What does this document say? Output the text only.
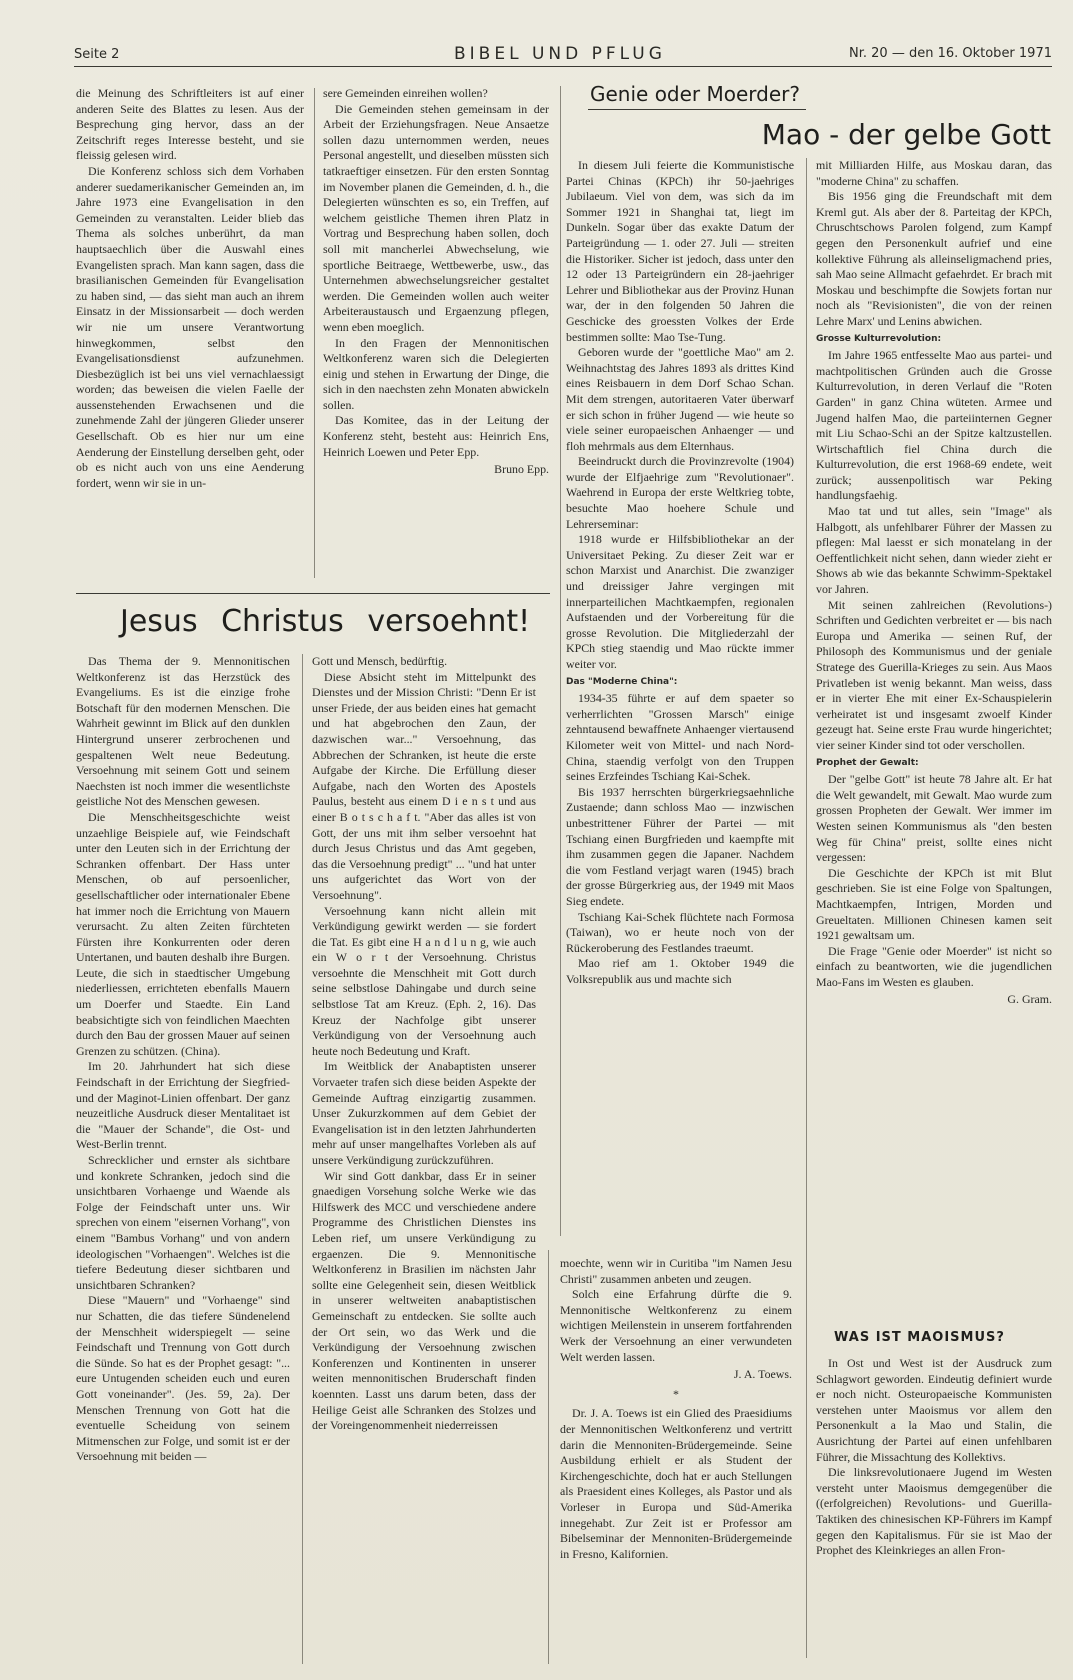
Seite 2	BIBEL UND PFLUG	Nr. 20 — den 16. Oktober 1971

die Meinung des Schriftleiters ist auf einer anderen Seite des Blattes zu lesen. Aus der Besprechung ging hervor, dass an der Zeitschrift reges Interesse besteht, und sie fleissig gelesen wird.

Die Konferenz schloss sich dem Vorhaben anderer suedamerikanischer Gemeinden an, im Jahre 1973 eine Evangelisation in den Gemeinden zu veranstalten. Leider blieb das Thema als solches unberührt, da man hauptsaechlich über die Auswahl eines Evangelisten sprach. Man kann sagen, dass die brasilianischen Gemeinden für Evangelisation zu haben sind, — das sieht man auch an ihrem Einsatz in der Missionsarbeit — doch werden wir nie um unsere Verantwortung hinwegkommen, selbst den Evangelisationsdienst aufzunehmen. Diesbezüglich ist bei uns viel vernachlaessigt worden; das beweisen die vielen Faelle der aussenstehenden Erwachsenen und die zunehmende Zahl der jüngeren Glieder unserer Gesellschaft. Ob es hier nur um eine Aenderung der Einstellung derselben geht, oder ob es nicht auch von uns eine Aenderung fordert, wenn wir sie in un-

sere Gemeinden einreihen wollen?

Die Gemeinden stehen gemeinsam in der Arbeit der Erziehungsfragen. Neue Ansaetze sollen dazu unternommen werden, neues Personal angestellt, und dieselben müssten sich tatkraeftiger einsetzen. Für den ersten Sonntag im November planen die Gemeinden, d. h., die Delegierten wünschten es so, ein Treffen, auf welchem geistliche Themen ihren Platz in Vortrag und Besprechung haben sollen, doch soll mit mancherlei Abwechselung, wie sportliche Beitraege, Wettbewerbe, usw., das Unternehmen abwechselungsreicher gestaltet werden. Die Gemeinden wollen auch weiter Arbeiteraustausch und Ergaenzung pflegen, wenn eben moeglich.

In den Fragen der Mennonitischen Weltkonferenz waren sich die Delegierten einig und stehen in Erwartung der Dinge, die sich in den naechsten zehn Monaten abwickeln sollen.

Das Komitee, das in der Leitung der Konferenz steht, besteht aus: Heinrich Ens, Heinrich Loewen und Peter Epp.

Bruno Epp.

Jesus Christus versoehnt!

Das Thema der 9. Mennonitischen Weltkonferenz ist das Herzstück des Evangeliums. Es ist die einzige frohe Botschaft für den modernen Menschen. Die Wahrheit gewinnt im Blick auf den dunklen Hintergrund unserer zerbrochenen und gespaltenen Welt neue Bedeutung. Versoehnung mit seinem Gott und seinem Naechsten ist noch immer die wesentlichste geistliche Not des Menschen gewesen.

Die Menschheitsgeschichte weist unzaehlige Beispiele auf, wie Feindschaft unter den Leuten sich in der Errichtung der Schranken offenbart. Der Hass unter Menschen, ob auf persoenlicher, gesellschaftlicher oder internationaler Ebene hat immer noch die Errichtung von Mauern verursacht. Zu alten Zeiten fürchteten Fürsten ihre Konkurrenten oder deren Untertanen, und bauten deshalb ihre Burgen. Leute, die sich in staedtischer Umgebung niederliessen, errichteten ebenfalls Mauern um Doerfer und Staedte. Ein Land beabsichtigte sich von feindlichen Maechten durch den Bau der grossen Mauer auf seinen Grenzen zu schützen. (China).

Im 20. Jahrhundert hat sich diese Feindschaft in der Errichtung der Siegfried- und der Maginot-Linien offenbart. Der ganz neuzeitliche Ausdruck dieser Mentalitaet ist die "Mauer der Schande", die Ost- und West-Berlin trennt.

Schrecklicher und ernster als sichtbare und konkrete Schranken, jedoch sind die unsichtbaren Vorhaenge und Waende als Folge der Feindschaft unter uns. Wir sprechen von einem "eisernen Vorhang", von einem "Bambus Vorhang" und von andern ideologischen "Vorhaengen". Welches ist die tiefere Bedeutung dieser sichtbaren und unsichtbaren Schranken?

Diese "Mauern" und "Vorhaenge" sind nur Schatten, die das tiefere Sündenelend der Menschheit widerspiegelt — seine Feindschaft und Trennung von Gott durch die Sünde. So hat es der Prophet gesagt: "... eure Untugenden scheiden euch und euren Gott voneinander". (Jes. 59, 2a). Der Menschen Trennung von Gott hat die eventuelle Scheidung von seinem Mitmenschen zur Folge, und somit ist er der Versoehnung mit beiden —

Gott und Mensch, bedürftig.

Diese Absicht steht im Mittelpunkt des Dienstes und der Mission Christi: "Denn Er ist unser Friede, der aus beiden eines hat gemacht und hat abgebrochen den Zaun, der dazwischen war..." Versoehnung, das Abbrechen der Schranken, ist heute die erste Aufgabe der Kirche. Die Erfüllung dieser Aufgabe, nach den Worten des Apostels Paulus, besteht aus einem D i e n s t und aus einer B o t s c h a f t. "Aber das alles ist von Gott, der uns mit ihm selber versoehnt hat durch Jesus Christus und das Amt gegeben, das die Versoehnung predigt" ... "und hat unter uns aufgerichtet das Wort von der Versoehnung".

Versoehnung kann nicht allein mit Verkündigung gewirkt werden — sie fordert die Tat. Es gibt eine H a n d l u n g, wie auch ein W o r t der Versoehnung. Christus versoehnte die Menschheit mit Gott durch seine selbstlose Dahingabe und durch seine selbstlose Tat am Kreuz. (Eph. 2, 16). Das Kreuz der Nachfolge gibt unserer Verkündigung von der Versoehnung auch heute noch Bedeutung und Kraft.

Im Weitblick der Anabaptisten unserer Vorvaeter trafen sich diese beiden Aspekte der Gemeinde Auftrag einzigartig zusammen. Unser Zukurzkommen auf dem Gebiet der Evangelisation ist in den letzten Jahrhunderten mehr auf unser mangelhaftes Vorleben als auf unsere Verkündigung zurückzuführen.

Wir sind Gott dankbar, dass Er in seiner gnaedigen Vorsehung solche Werke wie das Hilfswerk des MCC und verschiedene andere Programme des Christlichen Dienstes ins Leben rief, um unsere Verkündigung zu ergaenzen. Die 9. Mennonitische Weltkonferenz in Brasilien im nächsten Jahr sollte eine Gelegenheit sein, diesen Weitblick in unserer weltweiten anabaptistischen Gemeinschaft zu entdecken. Sie sollte auch der Ort sein, wo das Werk und die Verkündigung der Versoehnung zwischen Konferenzen und Kontinenten in unserer weiten mennonitischen Bruderschaft finden koennten. Lasst uns darum beten, dass der Heilige Geist alle Schranken des Stolzes und der Voreingenommenheit niederreissen

moechte, wenn wir in Curitiba "im Namen Jesu Christi" zusammen anbeten und zeugen.

Solch eine Erfahrung dürfte die 9. Mennonitische Weltkonferenz zu einem wichtigen Meilenstein in unserem fortfahrenden Werk der Versoehnung an einer verwundeten Welt werden lassen.

J. A. Toews.

*

Dr. J. A. Toews ist ein Glied des Praesidiums der Mennonitischen Weltkonferenz und vertritt darin die Mennoniten-Brüdergemeinde. Seine Ausbildung erhielt er als Student der Kirchengeschichte, doch hat er auch Stellungen als Praesident eines Kolleges, als Pastor und als Vorleser in Europa und Süd-Amerika innegehabt. Zur Zeit ist er Professor am Bibelseminar der Mennoniten-Brüdergemeinde in Fresno, Kalifornien.

Genie oder Moerder?
Mao - der gelbe Gott

In diesem Juli feierte die Kommunistische Partei Chinas (KPCh) ihr 50-jaehriges Jubilaeum. Viel von dem, was sich da im Sommer 1921 in Shanghai tat, liegt im Dunkeln. Sogar über das exakte Datum der Parteigründung — 1. oder 27. Juli — streiten die Historiker. Sicher ist jedoch, dass unter den 12 oder 13 Parteigründern ein 28-jaehriger Lehrer und Bibliothekar aus der Provinz Hunan war, der in den folgenden 50 Jahren die Geschicke des groessten Volkes der Erde bestimmen sollte: Mao Tse-Tung.

Geboren wurde der "goettliche Mao" am 2. Weihnachtstag des Jahres 1893 als drittes Kind eines Reisbauern in dem Dorf Schao Schan. Mit dem strengen, autoritaeren Vater überwarf er sich schon in früher Jugend — wie heute so viele seiner europaeischen Anhaenger — und floh mehrmals aus dem Elternhaus.

Beeindruckt durch die Provinzrevolte (1904) wurde der Elfjaehrige zum "Revolutionaer". Waehrend in Europa der erste Weltkrieg tobte, besuchte Mao hoehere Schule und Lehrerseminar:

1918 wurde er Hilfsbibliothekar an der Universitaet Peking. Zu dieser Zeit war er schon Marxist und Anarchist. Die zwanziger und dreissiger Jahre vergingen mit innerparteilichen Machtkaempfen, regionalen Aufstaenden und der Vorbereitung für die grosse Revolution. Die Mitgliederzahl der KPCh stieg staendig und Mao rückte immer weiter vor.

Das "Moderne China":

1934-35 führte er auf dem spaeter so verherrlichten "Grossen Marsch" einige zehntausend bewaffnete Anhaenger viertausend Kilometer weit von Mittel- und nach Nord-China, staendig verfolgt von den Truppen seines Erzfeindes Tschiang Kai-Schek.

Bis 1937 herrschten bürgerkriegsaehnliche Zustaende; dann schloss Mao — inzwischen unbestrittener Führer der Partei — mit Tschiang einen Burgfrieden und kaempfte mit ihm zusammen gegen die Japaner. Nachdem die vom Festland verjagt waren (1945) brach der grosse Bürgerkrieg aus, der 1949 mit Maos Sieg endete.

Tschiang Kai-Schek flüchtete nach Formosa (Taiwan), wo er heute noch von der Rückeroberung des Festlandes traeumt.

Mao rief am 1. Oktober 1949 die Volksrepublik aus und machte sich

mit Milliarden Hilfe, aus Moskau daran, das "moderne China" zu schaffen.

Bis 1956 ging die Freundschaft mit dem Kreml gut. Als aber der 8. Parteitag der KPCh, Chruschtschows Parolen folgend, zum Kampf gegen den Personenkult aufrief und eine kollektive Führung als alleinseligmachend pries, sah Mao seine Allmacht gefaehrdet. Er brach mit Moskau und beschimpfte die Sowjets fortan nur noch als "Revisionisten", die von der reinen Lehre Marx' und Lenins abwichen.

Grosse Kulturrevolution:

Im Jahre 1965 entfesselte Mao aus partei- und machtpolitischen Gründen auch die Grosse Kulturrevolution, in deren Verlauf die "Roten Garden" in ganz China wüteten. Armee und Jugend halfen Mao, die parteiinternen Gegner mit Liu Schao-Schi an der Spitze kaltzustellen. Wirtschaftlich fiel China durch die Kulturrevolution, die erst 1968-69 endete, weit zurück; aussenpolitisch war Peking handlungsfaehig.

Mao tat und tut alles, sein "Image" als Halbgott, als unfehlbarer Führer der Massen zu pflegen: Mal laesst er sich monatelang in der Oeffentlichkeit nicht sehen, dann wieder zieht er Shows ab wie das bekannte Schwimm-Spektakel vor Jahren.

Mit seinen zahlreichen (Revolutions-) Schriften und Gedichten verbreitet er — bis nach Europa und Amerika — seinen Ruf, der Philosoph des Kommunismus und der geniale Stratege des Guerilla-Krieges zu sein. Aus Maos Privatleben ist wenig bekannt. Man weiss, dass er in vierter Ehe mit einer Ex-Schauspielerin verheiratet ist und insgesamt zwoelf Kinder gezeugt hat. Seine erste Frau wurde hingerichtet; vier seiner Kinder sind tot oder verschollen.

Prophet der Gewalt:

Der "gelbe Gott" ist heute 78 Jahre alt. Er hat die Welt gewandelt, mit Gewalt. Mao wurde zum grossen Propheten der Gewalt. Wer immer im Westen seinen Kommunismus als "den besten Weg für China" preist, sollte eines nicht vergessen:

Die Geschichte der KPCh ist mit Blut geschrieben. Sie ist eine Folge von Spaltungen, Machtkaempfen, Intrigen, Morden und Greueltaten. Millionen Chinesen kamen seit 1921 gewaltsam um.

Die Frage "Genie oder Moerder" ist nicht so einfach zu beantworten, wie die jugendlichen Mao-Fans im Westen es glauben.

G. Gram.

WAS IST MAOISMUS?

In Ost und West ist der Ausdruck zum Schlagwort geworden. Eindeutig definiert wurde er noch nicht. Osteuropaeische Kommunisten verstehen unter Maoismus vor allem den Personenkult a la Mao und Stalin, die Ausrichtung der Partei auf einen unfehlbaren Führer, die Missachtung des Kollektivs.

Die linksrevolutionaere Jugend im Westen versteht unter Maoismus demgegenüber die ((erfolgreichen) Revolutions- und Guerilla-Taktiken des chinesischen KP-Führers im Kampf gegen den Kapitalismus. Für sie ist Mao der Prophet des Kleinkrieges an allen Fron-
